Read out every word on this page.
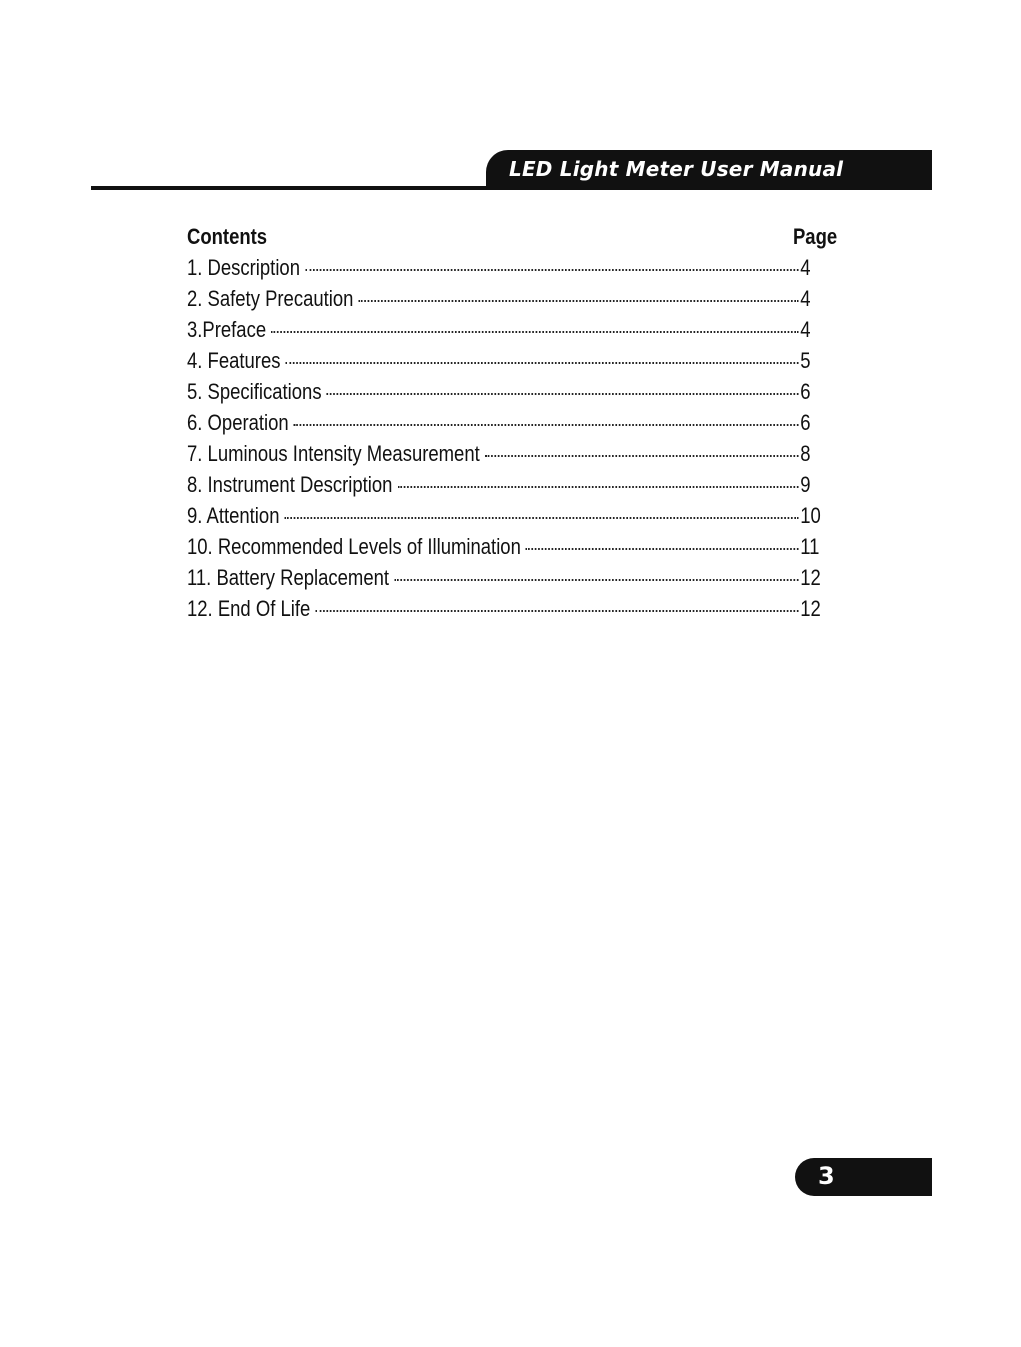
LED Light Meter User Manual
Contents	Page
1. Description	4
2. Safety Precaution	4
3.Preface	4
4. Features	5
5. Specifications	6
6. Operation	6
7. Luminous Intensity Measurement	8
8. Instrument Description	9
9. Attention	10
10. Recommended Levels of Illumination	11
11. Battery Replacement	12
12. End Of Life	12
3
